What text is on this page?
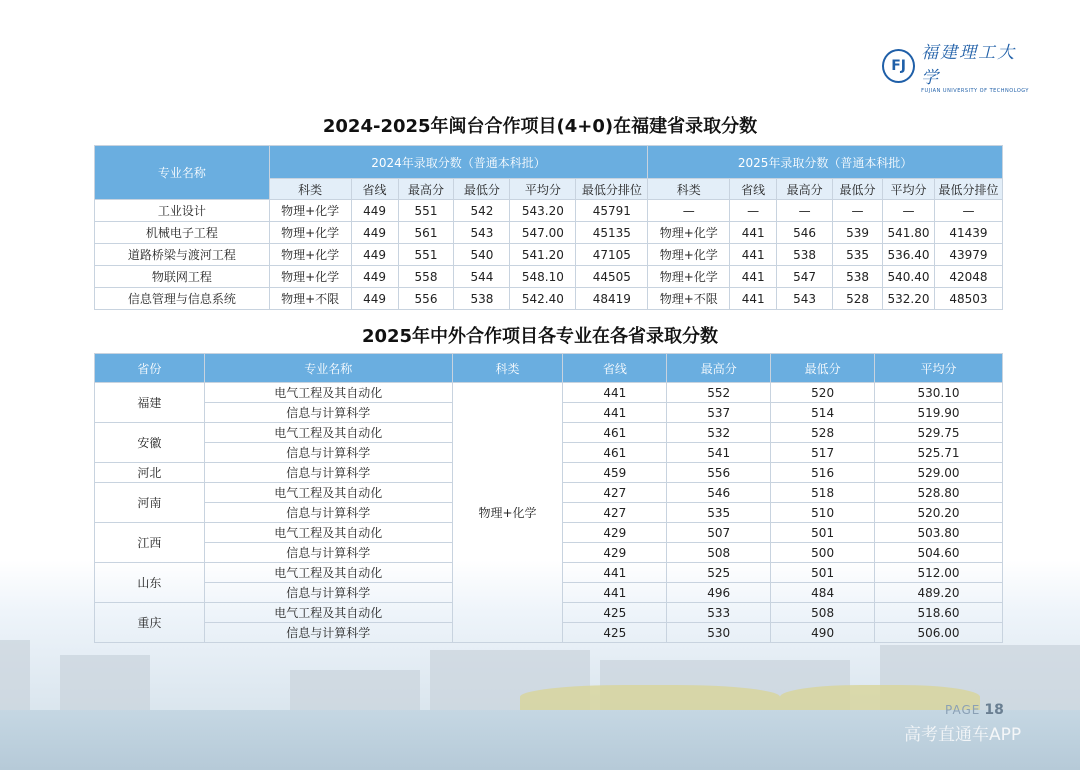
FJ
福建理工大学
FUJIAN UNIVERSITY OF TECHNOLOGY
2024-2025年闽台合作项目(4+0)在福建省录取分数
专业名称	2024年录取分数（普通本科批）						2025年录取分数（普通本科批）					
	科类	省线	最高分	最低分	平均分	最低分排位	科类	省线	最高分	最低分	平均分	最低分排位
工业设计	物理+化学	449	551	542	543.20	45791	—	—	—	—	—	—
机械电子工程	物理+化学	449	561	543	547.00	45135	物理+化学	441	546	539	541.80	41439
道路桥梁与渡河工程	物理+化学	449	551	540	541.20	47105	物理+化学	441	538	535	536.40	43979
物联网工程	物理+化学	449	558	544	548.10	44505	物理+化学	441	547	538	540.40	42048
信息管理与信息系统	物理+不限	449	556	538	542.40	48419	物理+不限	441	543	528	532.20	48503
2025年中外合作项目各专业在各省录取分数
省份	专业名称	科类	省线	最高分	最低分	平均分
福建	电气工程及其自动化	物理+化学	441	552	520	530.10
	信息与计算科学		441	537	514	519.90
安徽	电气工程及其自动化		461	532	528	529.75
	信息与计算科学		461	541	517	525.71
河北	信息与计算科学		459	556	516	529.00
河南	电气工程及其自动化		427	546	518	528.80
	信息与计算科学		427	535	510	520.20
江西	电气工程及其自动化		429	507	501	503.80
	信息与计算科学		429	508	500	504.60
山东	电气工程及其自动化		441	525	501	512.00
	信息与计算科学		441	496	484	489.20
重庆	电气工程及其自动化		425	533	508	518.60
	信息与计算科学		425	530	490	506.00
PAGE 18
高考直通车APP
